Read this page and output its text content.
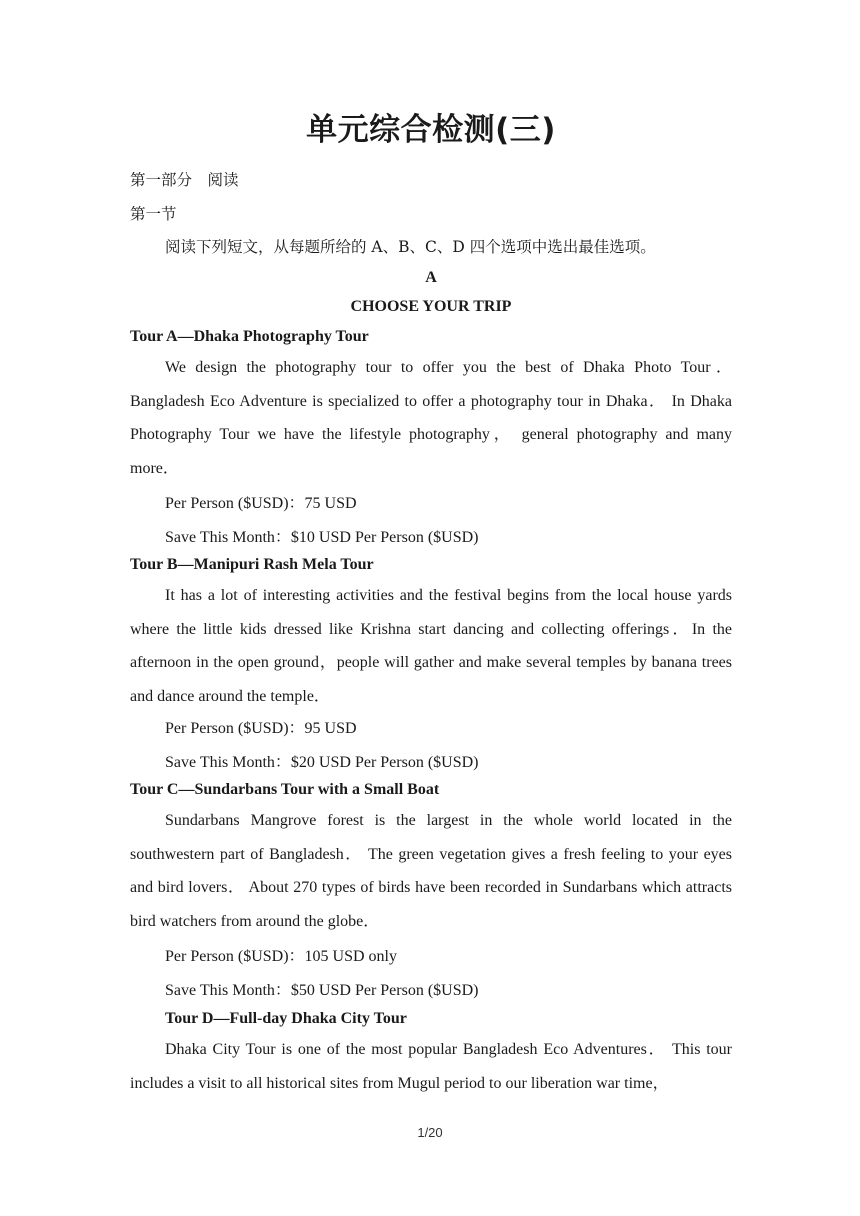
单元综合检测(三)
第一部分　阅读
第一节
阅读下列短文，从每题所给的 A、B、C、D 四个选项中选出最佳选项。
A
CHOOSE YOUR TRIP
Tour A—Dhaka Photography Tour
We design the photography tour to offer you the best of Dhaka Photo Tour． Bangladesh Eco Adventure is specialized to offer a photography tour in Dhaka． In Dhaka Photography Tour we have the lifestyle photography， general photography and many more．
Per Person ($USD)：75 USD
Save This Month：$10 USD Per Person ($USD)
Tour B—Manipuri Rash Mela Tour
It has a lot of interesting activities and the festival begins from the local house yards where the little kids dressed like Krishna start dancing and collecting offerings．In the afternoon in the open ground，people will gather and make several temples by banana trees and dance around the temple．
Per Person ($USD)：95 USD
Save This Month：$20 USD Per Person ($USD)
Tour C—Sundarbans Tour with a Small Boat
Sundarbans Mangrove forest is the largest in the whole world located in the southwestern part of Bangladesh． The green vegetation gives a fresh feeling to your eyes and bird lovers． About 270 types of birds have been recorded in Sundarbans which attracts bird watchers from around the globe．
Per Person ($USD)：105 USD only
Save This Month：$50 USD Per Person ($USD)
Tour D—Full-day Dhaka City Tour
Dhaka City Tour is one of the most popular Bangladesh Eco Adventures． This tour includes a visit to all historical sites from Mugul period to our liberation war time，
1/20
